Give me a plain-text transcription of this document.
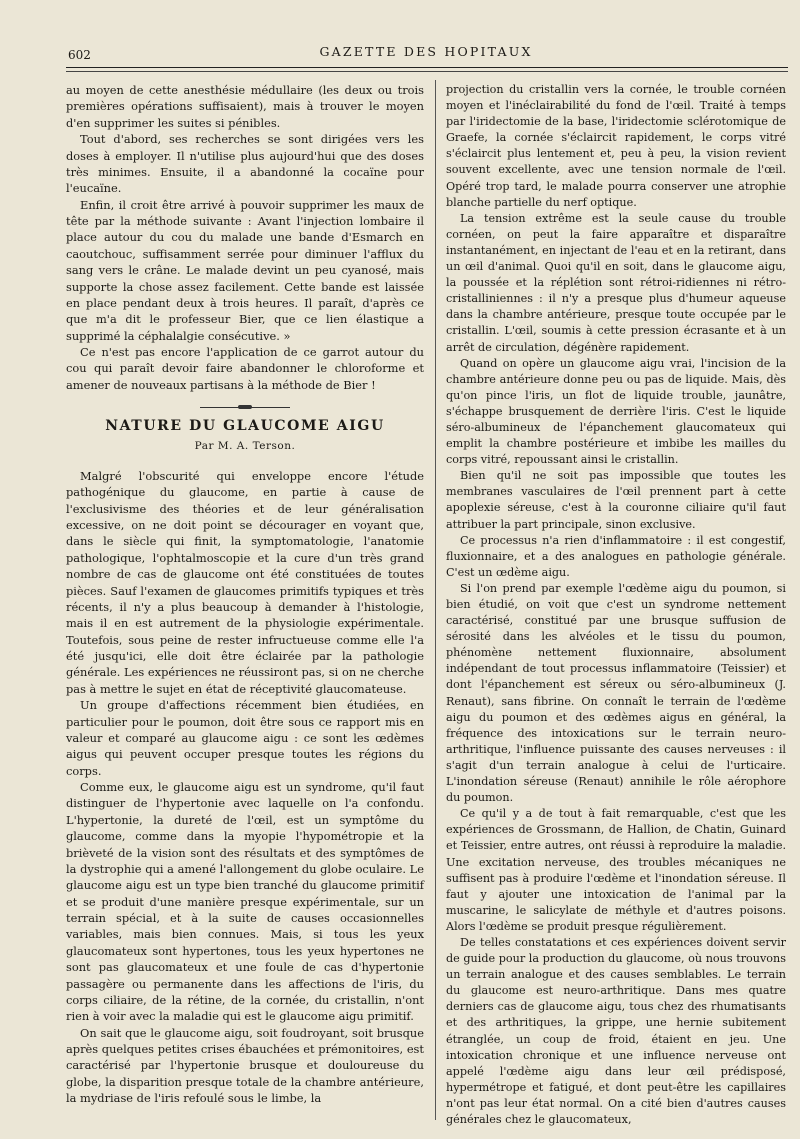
602	GAZETTE DES HOPITAUX

au moyen de cette anesthésie médullaire (les deux ou trois premières opérations suffisaient), mais à trouver le moyen d'en supprimer les suites si pénibles.

Tout d'abord, ses recherches se sont dirigées vers les doses à employer. Il n'utilise plus aujourd'hui que des doses très minimes. Ensuite, il a abandonné la cocaïne pour l'eucaïne.

Enfin, il croit être arrivé à pouvoir supprimer les maux de tête par la méthode suivante : Avant l'injection lombaire il place autour du cou du malade une bande d'Esmarch en caoutchouc, suffisamment serrée pour diminuer l'afflux du sang vers le crâne. Le malade devint un peu cyanosé, mais supporte la chose assez facilement. Cette bande est laissée en place pendant deux à trois heures. Il paraît, d'après ce que m'a dit le professeur Bier, que ce lien élastique a supprimé la céphalalgie consécutive. »

Ce n'est pas encore l'application de ce garrot autour du cou qui paraît devoir faire abandonner le chloroforme et amener de nouveaux partisans à la méthode de Bier !

NATURE DU GLAUCOME AIGU
Par M. A. Terson.

Malgré l'obscurité qui enveloppe encore l'étude pathogénique du glaucome, en partie à cause de l'exclusivisme des théories et de leur généralisation excessive, on ne doit point se décourager en voyant que, dans le siècle qui finit, la symptomatologie, l'anatomie pathologique, l'ophtalmoscopie et la cure d'un très grand nombre de cas de glaucome ont été constituées de toutes pièces. Sauf l'examen de glaucomes primitifs typiques et très récents, il n'y a plus beaucoup à demander à l'histologie, mais il en est autrement de la physiologie expérimentale. Toutefois, sous peine de rester infructueuse comme elle l'a été jusqu'ici, elle doit être éclairée par la pathologie générale. Les expériences ne réussiront pas, si on ne cherche pas à mettre le sujet en état de réceptivité glaucomateuse.

Un groupe d'affections récemment bien étudiées, en particulier pour le poumon, doit être sous ce rapport mis en valeur et comparé au glaucome aigu : ce sont les œdèmes aigus qui peuvent occuper presque toutes les régions du corps.

Comme eux, le glaucome aigu est un syndrome, qu'il faut distinguer de l'hypertonie avec laquelle on l'a confondu. L'hypertonie, la dureté de l'œil, est un symptôme du glaucome, comme dans la myopie l'hypométropie et la brièveté de la vision sont des résultats et des symptômes de la dystrophie qui a amené l'allongement du globe oculaire. Le glaucome aigu est un type bien tranché du glaucome primitif et se produit d'une manière presque expérimentale, sur un terrain spécial, et à la suite de causes occasionnelles variables, mais bien connues. Mais, si tous les yeux glaucomateux sont hypertones, tous les yeux hypertones ne sont pas glaucomateux et une foule de cas d'hypertonie passagère ou permanente dans les affections de l'iris, du corps ciliaire, de la rétine, de la cornée, du cristallin, n'ont rien à voir avec la maladie qui est le glaucome aigu primitif.

On sait que le glaucome aigu, soit foudroyant, soit brusque après quelques petites crises ébauchées et prémonitoires, est caractérisé par l'hypertonie brusque et douloureuse du globe, la disparition presque totale de la chambre antérieure, la mydriase de l'iris refoulé sous le limbe, la

projection du cristallin vers la cornée, le trouble cornéen moyen et l'inéclairabilité du fond de l'œil. Traité à temps par l'iridectomie de la base, l'iridectomie sclérotomique de Graefe, la cornée s'éclaircit rapidement, le corps vitré s'éclaircit plus lentement et, peu à peu, la vision revient souvent excellente, avec une tension normale de l'œil. Opéré trop tard, le malade pourra conserver une atrophie blanche partielle du nerf optique.

La tension extrême est la seule cause du trouble cornéen, on peut la faire apparaître et disparaître instantanément, en injectant de l'eau et en la retirant, dans un œil d'animal. Quoi qu'il en soit, dans le glaucome aigu, la poussée et la réplétion sont rétroi-ridiennes ni rétro-cristalliniennes : il n'y a presque plus d'humeur aqueuse dans la chambre antérieure, presque toute occupée par le cristallin. L'œil, soumis à cette pression écrasante et à un arrêt de circulation, dégénère rapidement.

Quand on opère un glaucome aigu vrai, l'incision de la chambre antérieure donne peu ou pas de liquide. Mais, dès qu'on pince l'iris, un flot de liquide trouble, jaunâtre, s'échappe brusquement de derrière l'iris. C'est le liquide séro-albumineux de l'épanchement glaucomateux qui emplit la chambre postérieure et imbibe les mailles du corps vitré, repoussant ainsi le cristallin.

Bien qu'il ne soit pas impossible que toutes les membranes vasculaires de l'œil prennent part à cette apoplexie séreuse, c'est à la couronne ciliaire qu'il faut attribuer la part principale, sinon exclusive.

Ce processus n'a rien d'inflammatoire : il est congestif, fluxionnaire, et a des analogues en pathologie générale. C'est un œdème aigu.

Si l'on prend par exemple l'œdème aigu du poumon, si bien étudié, on voit que c'est un syndrome nettement caractérisé, constitué par une brusque suffusion de sérosité dans les alvéoles et le tissu du poumon, phénomène nettement fluxionnaire, absolument indépendant de tout processus inflammatoire (Teissier) et dont l'épanchement est séreux ou séro-albumineux (J. Renaut), sans fibrine. On connaît le terrain de l'œdème aigu du poumon et des œdèmes aigus en général, la fréquence des intoxications sur le terrain neuro-arthritique, l'influence puissante des causes nerveuses : il s'agit d'un terrain analogue à celui de l'urticaire. L'inondation séreuse (Renaut) annihile le rôle aérophore du poumon.

Ce qu'il y a de tout à fait remarquable, c'est que les expériences de Grossmann, de Hallion, de Chatin, Guinard et Teissier, entre autres, ont réussi à reproduire la maladie. Une excitation nerveuse, des troubles mécaniques ne suffisent pas à produire l'œdème et l'inondation séreuse. Il faut y ajouter une intoxication de l'animal par la muscarine, le salicylate de méthyle et d'autres poisons. Alors l'œdème se produit presque régulièrement.

De telles constatations et ces expériences doivent servir de guide pour la production du glaucome, où nous trouvons un terrain analogue et des causes semblables. Le terrain du glaucome est neuro-arthritique. Dans mes quatre derniers cas de glaucome aigu, tous chez des rhumatisants et des arthritiques, la grippe, une hernie subitement étranglée, un coup de froid, étaient en jeu. Une intoxication chronique et une influence nerveuse ont appelé l'œdème aigu dans leur œil prédisposé, hypermétrope et fatigué, et dont peut-être les capillaires n'ont pas leur état normal. On a cité bien d'autres causes générales chez le glaucomateux,
